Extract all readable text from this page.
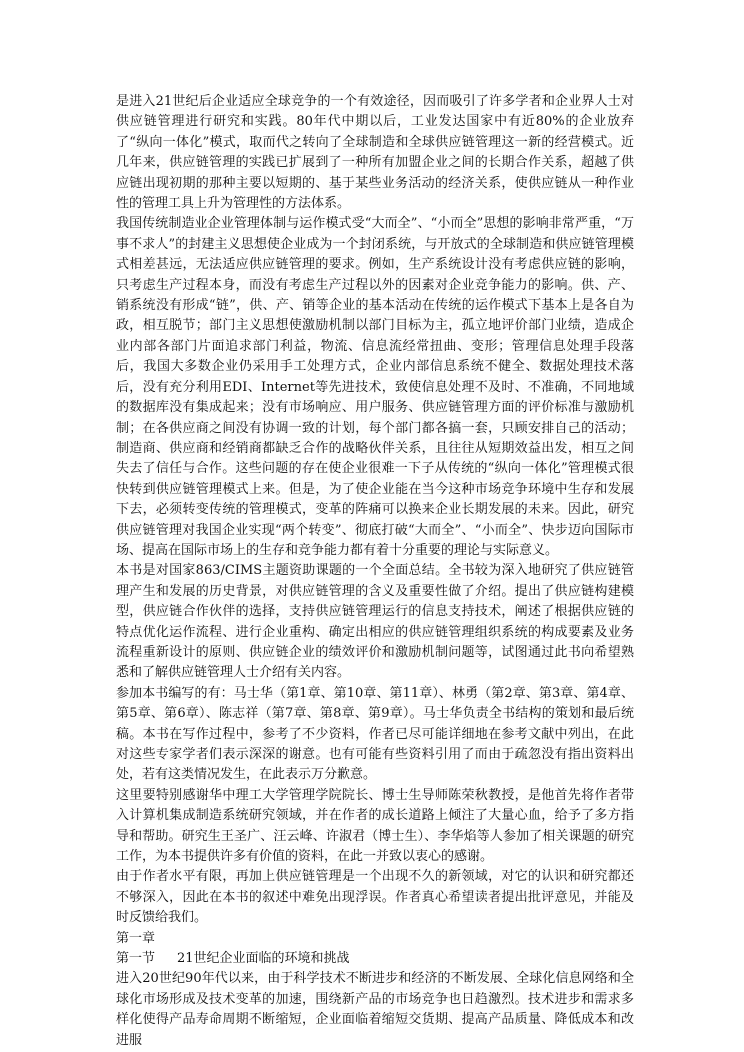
是进入21世纪后企业适应全球竞争的一个有效途径，因而吸引了许多学者和企业界人士对供应链管理进行研究和实践。80年代中期以后，工业发达国家中有近80%的企业放弃了“纵向一体化”模式，取而代之转向了全球制造和全球供应链管理这一新的经营模式。近几年来，供应链管理的实践已扩展到了一种所有加盟企业之间的长期合作关系，超越了供应链出现初期的那种主要以短期的、基于某些业务活动的经济关系，使供应链从一种作业性的管理工具上升为管理性的方法体系。

我国传统制造业企业管理体制与运作模式受“大而全”、“小而全”思想的影响非常严重，“万事不求人”的封建主义思想使企业成为一个封闭系统，与开放式的全球制造和供应链管理模式相差甚远，无法适应供应链管理的要求。例如，生产系统设计没有考虑供应链的影响，只考虑生产过程本身，而没有考虑生产过程以外的因素对企业竞争能力的影响。供、产、销系统没有形成“链”，供、产、销等企业的基本活动在传统的运作模式下基本上是各自为政，相互脱节；部门主义思想使激励机制以部门目标为主，孤立地评价部门业绩，造成企业内部各部门片面追求部门利益，物流、信息流经常扭曲、变形；管理信息处理手段落后，我国大多数企业仍采用手工处理方式，企业内部信息系统不健全、数据处理技术落后，没有充分利用EDI、Internet等先进技术，致使信息处理不及时、不准确，不同地域的数据库没有集成起来；没有市场响应、用户服务、供应链管理方面的评价标准与激励机制；在各供应商之间没有协调一致的计划，每个部门都各搞一套，只顾安排自己的活动；制造商、供应商和经销商都缺乏合作的战略伙伴关系，且往往从短期效益出发，相互之间失去了信任与合作。这些问题的存在使企业很难一下子从传统的“纵向一体化”管理模式很快转到供应链管理模式上来。但是，为了使企业能在当今这种市场竞争环境中生存和发展下去，必须转变传统的管理模式，变革的阵痛可以换来企业长期发展的未来。因此，研究供应链管理对我国企业实现“两个转变”、彻底打破“大而全”、“小而全”、快步迈向国际市场、提高在国际市场上的生存和竞争能力都有着十分重要的理论与实际意义。

本书是对国家863/CIMS主题资助课题的一个全面总结。全书较为深入地研究了供应链管理产生和发展的历史背景，对供应链管理的含义及重要性做了介绍。提出了供应链构建模型，供应链合作伙伴的选择，支持供应链管理运行的信息支持技术，阐述了根据供应链的特点优化运作流程、进行企业重构、确定出相应的供应链管理组织系统的构成要素及业务流程重新设计的原则、供应链企业的绩效评价和激励机制问题等，试图通过此书向希望熟悉和了解供应链管理人士介绍有关内容。

参加本书编写的有：马士华（第1章、第10章、第11章）、林勇（第2章、第3章、第4章、第5章、第6章）、陈志祥（第7章、第8章、第9章）。马士华负责全书结构的策划和最后统稿。本书在写作过程中，参考了不少资料，作者已尽可能详细地在参考文献中列出，在此对这些专家学者们表示深深的谢意。也有可能有些资料引用了而由于疏忽没有指出资料出处，若有这类情况发生，在此表示万分歉意。

这里要特别感谢华中理工大学管理学院院长、博士生导师陈荣秋教授，是他首先将作者带入计算机集成制造系统研究领域，并在作者的成长道路上倾注了大量心血，给予了多方指导和帮助。研究生王圣广、汪云峰、许淑君（博士生）、李华焰等人参加了相关课题的研究工作，为本书提供许多有价值的资料，在此一并致以衷心的感谢。

由于作者水平有限，再加上供应链管理是一个出现不久的新领域，对它的认识和研究都还不够深入，因此在本书的叙述中难免出现浮误。作者真心希望读者提出批评意见，并能及时反馈给我们。

第一章

第一节 21世纪企业面临的环境和挑战

进入20世纪90年代以来，由于科学技术不断进步和经济的不断发展、全球化信息网络和全球化市场形成及技术变革的加速，围绕新产品的市场竞争也日趋激烈。技术进步和需求多样化使得产品寿命周期不断缩短，企业面临着缩短交货期、提高产品质量、降低成本和改进服
